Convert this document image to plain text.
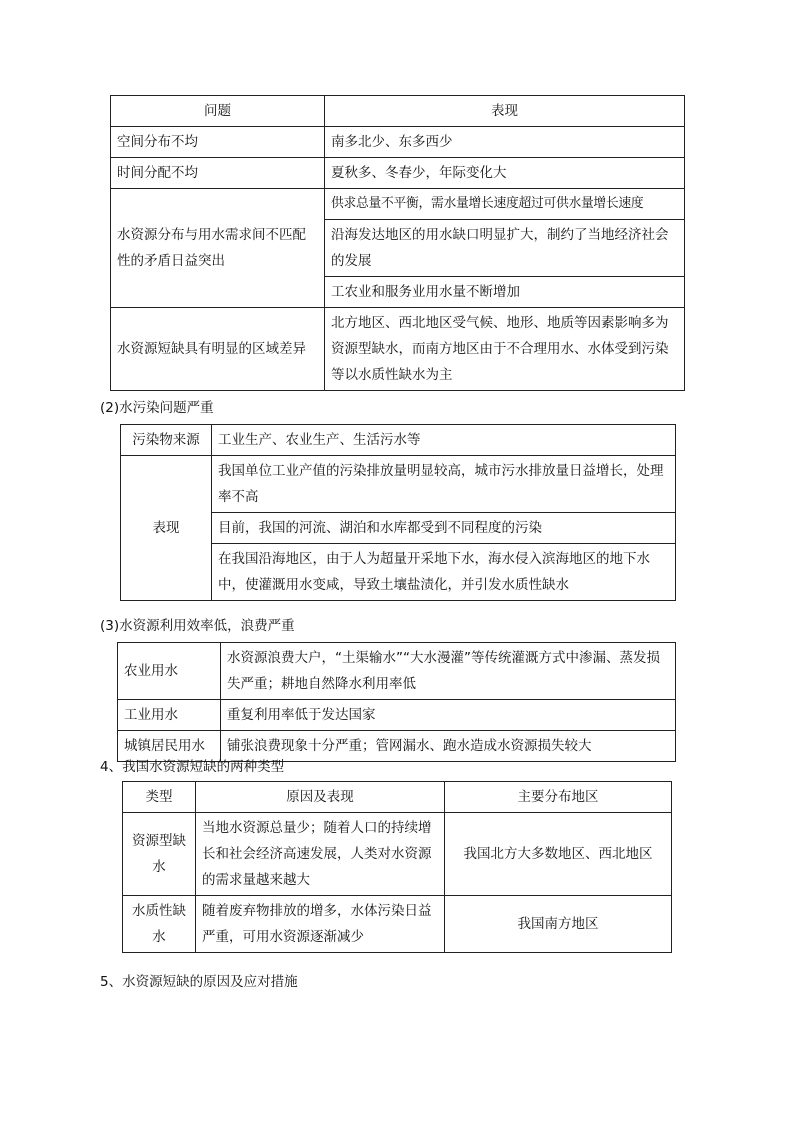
问题	表现
空间分布不均	南多北少、东多西少
时间分配不均	夏秋多、冬春少，年际变化大
水资源分布与用水需求间不匹配性的矛盾日益突出	供求总量不平衡，需水量增长速度超过可供水量增长速度
	沿海发达地区的用水缺口明显扩大，制约了当地经济社会的发展
	工农业和服务业用水量不断增加
水资源短缺具有明显的区域差异	北方地区、西北地区受气候、地形、地质等因素影响多为资源型缺水，而南方地区由于不合理用水、水体受到污染等以水质性缺水为主
(2)水污染问题严重
污染物来源	工业生产、农业生产、生活污水等
表现	我国单位工业产值的污染排放量明显较高，城市污水排放量日益增长，处理率不高
	目前，我国的河流、湖泊和水库都受到不同程度的污染
	在我国沿海地区，由于人为超量开采地下水，海水侵入滨海地区的地下水中，使灌溉用水变咸，导致土壤盐渍化，并引发水质性缺水
(3)水资源利用效率低，浪费严重
农业用水	水资源浪费大户，“土渠输水”“大水漫灌”等传统灌溉方式中渗漏、蒸发损失严重；耕地自然降水利用率低
工业用水	重复利用率低于发达国家
城镇居民用水	铺张浪费现象十分严重；管网漏水、跑水造成水资源损失较大
4、我国水资源短缺的两种类型
类型	原因及表现	主要分布地区
资源型缺水	当地水资源总量少；随着人口的持续增长和社会经济高速发展，人类对水资源的需求量越来越大	我国北方大多数地区、西北地区
水质性缺水	随着废弃物排放的增多，水体污染日益严重，可用水资源逐渐减少	我国南方地区
5、水资源短缺的原因及应对措施
